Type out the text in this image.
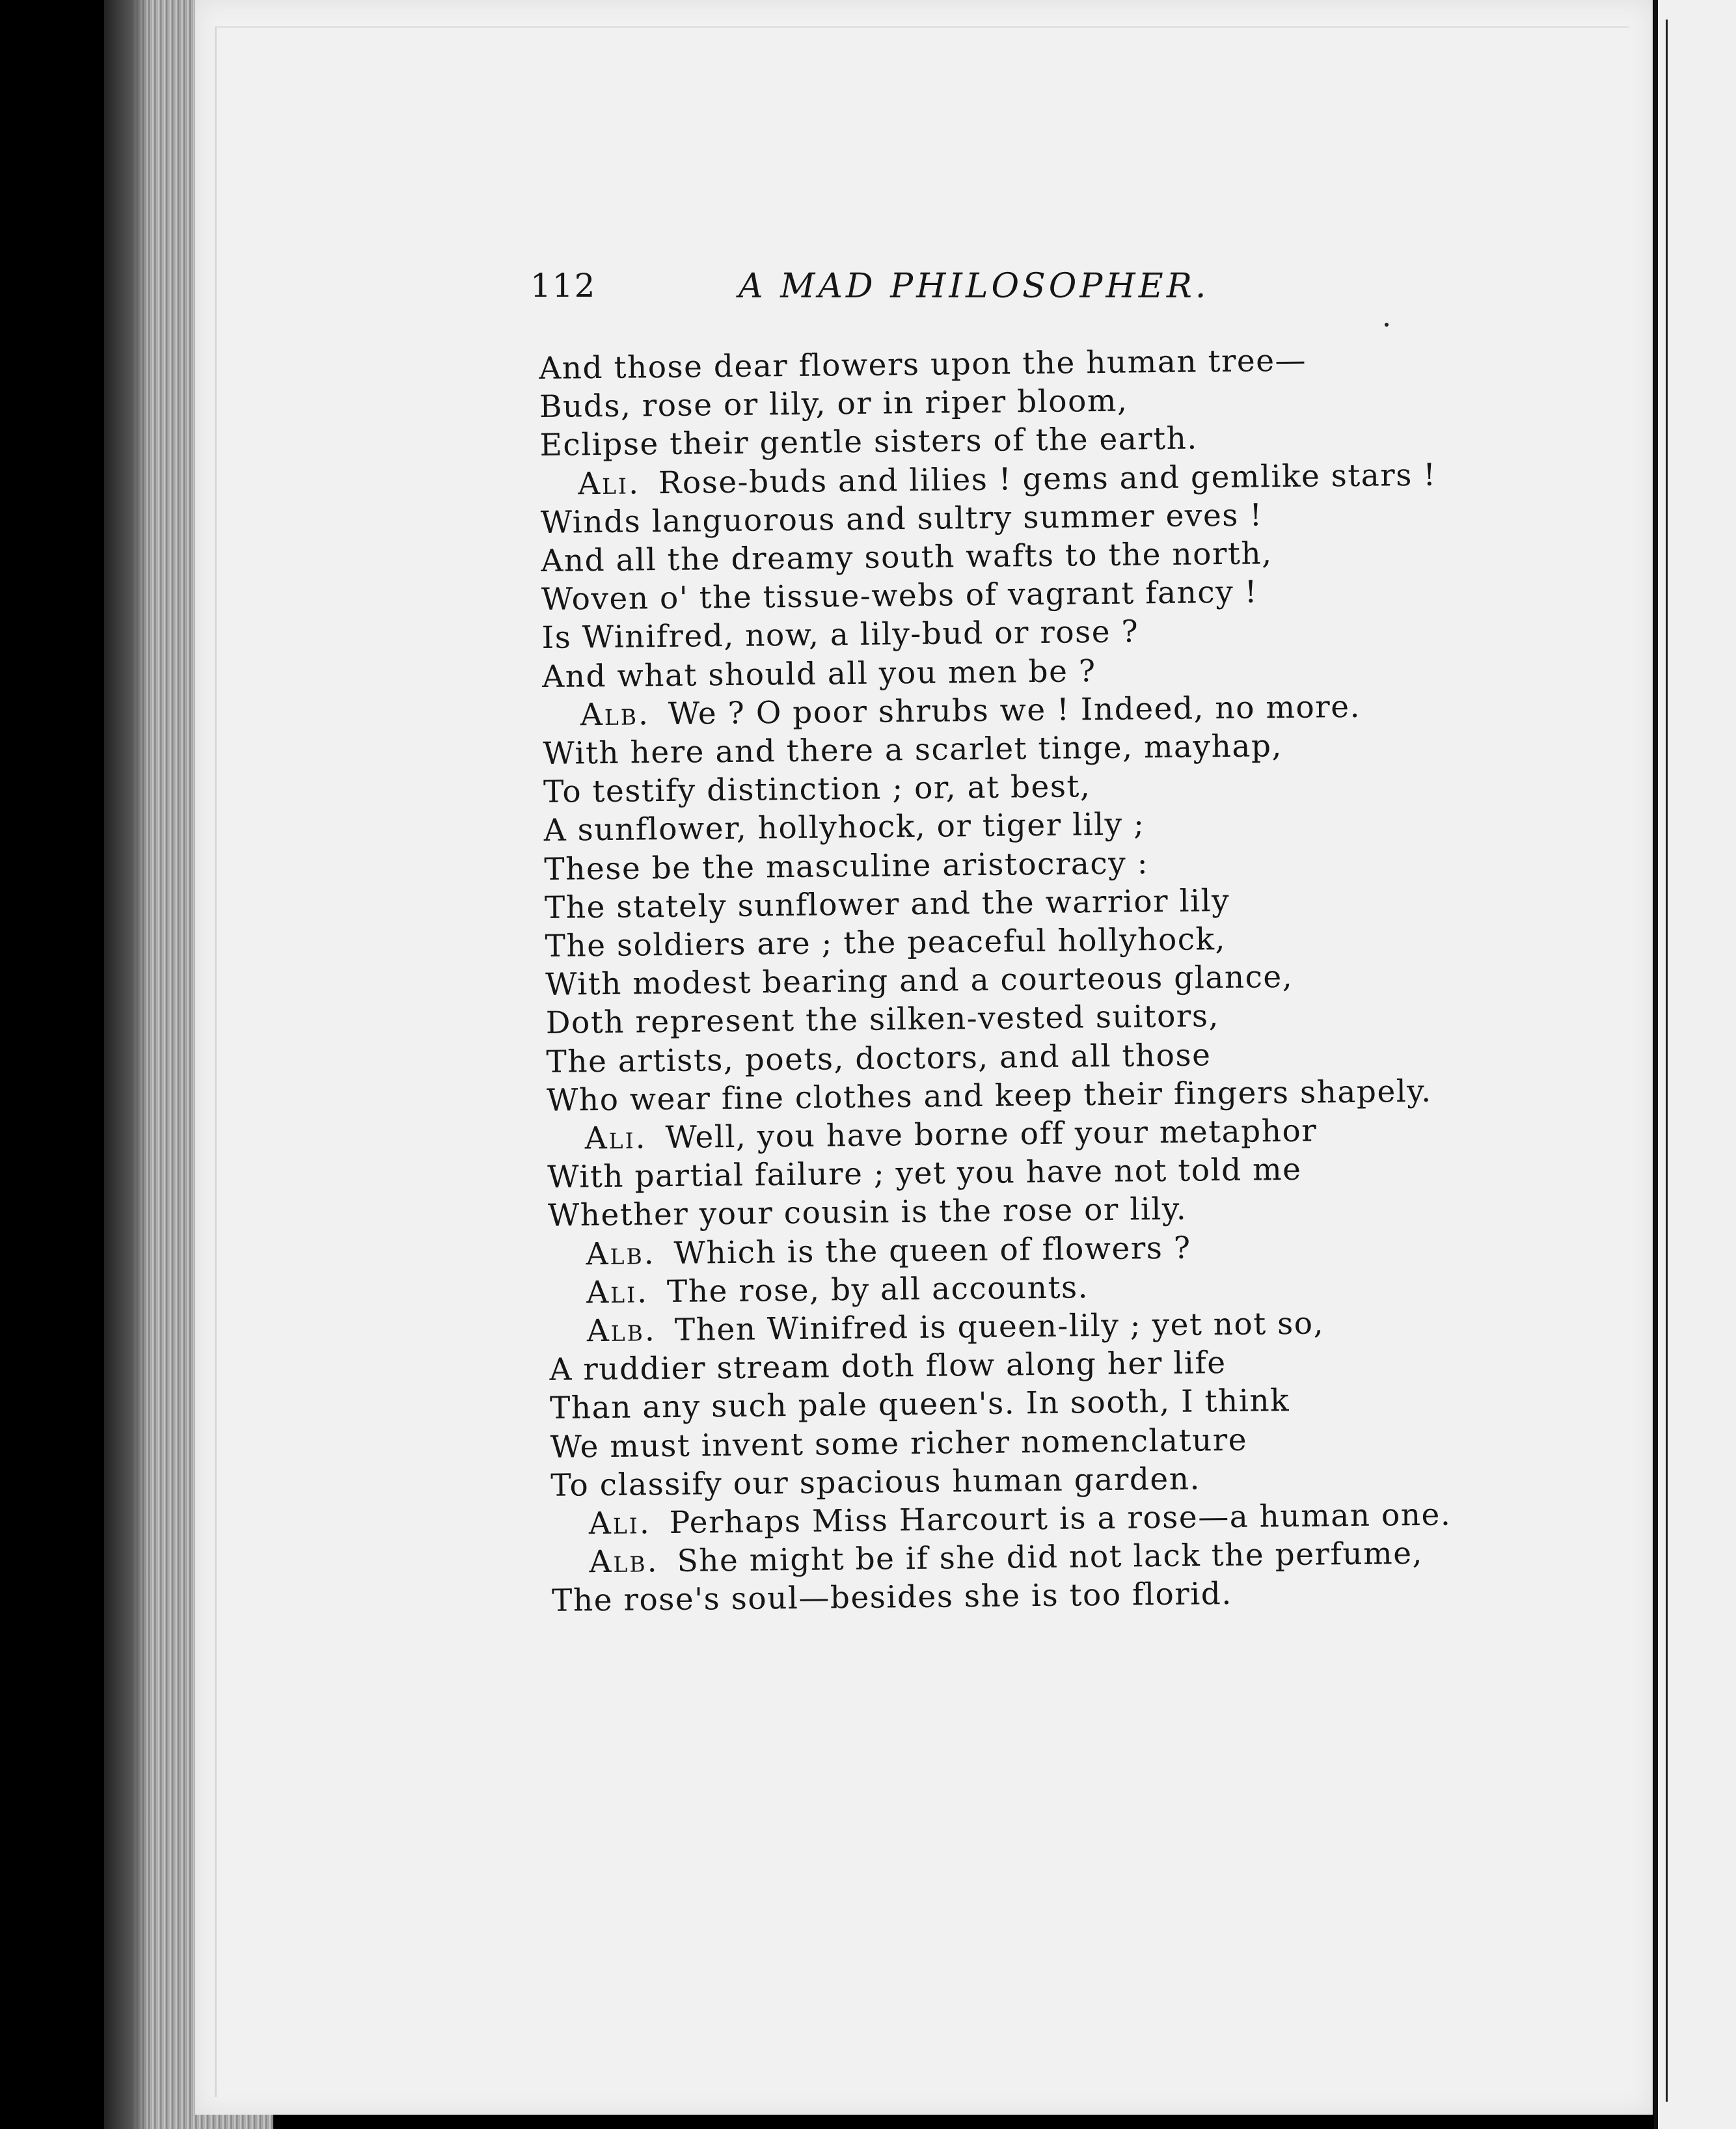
112	A MAD PHILOSOPHER.
And those dear flowers upon the human tree—
Buds, rose or lily, or in riper bloom,
Eclipse their gentle sisters of the earth.
Ali. Rose-buds and lilies ! gems and gemlike stars !
Winds languorous and sultry summer eves !
And all the dreamy south wafts to the north,
Woven o' the tissue-webs of vagrant fancy !
Is Winifred, now, a lily-bud or rose ?
And what should all you men be ?
Alb. We ? O poor shrubs we ! Indeed, no more.
With here and there a scarlet tinge, mayhap,
To testify distinction ; or, at best,
A sunflower, hollyhock, or tiger lily ;
These be the masculine aristocracy :
The stately sunflower and the warrior lily
The soldiers are ; the peaceful hollyhock,
With modest bearing and a courteous glance,
Doth represent the silken-vested suitors,
The artists, poets, doctors, and all those
Who wear fine clothes and keep their fingers shapely.
Ali. Well, you have borne off your metaphor
With partial failure ; yet you have not told me
Whether your cousin is the rose or lily.
Alb. Which is the queen of flowers ?
Ali. The rose, by all accounts.
Alb. Then Winifred is queen-lily ; yet not so,
A ruddier stream doth flow along her life
Than any such pale queen's. In sooth, I think
We must invent some richer nomenclature
To classify our spacious human garden.
Ali. Perhaps Miss Harcourt is a rose—a human one.
Alb. She might be if she did not lack the perfume,
The rose's soul—besides she is too florid.
